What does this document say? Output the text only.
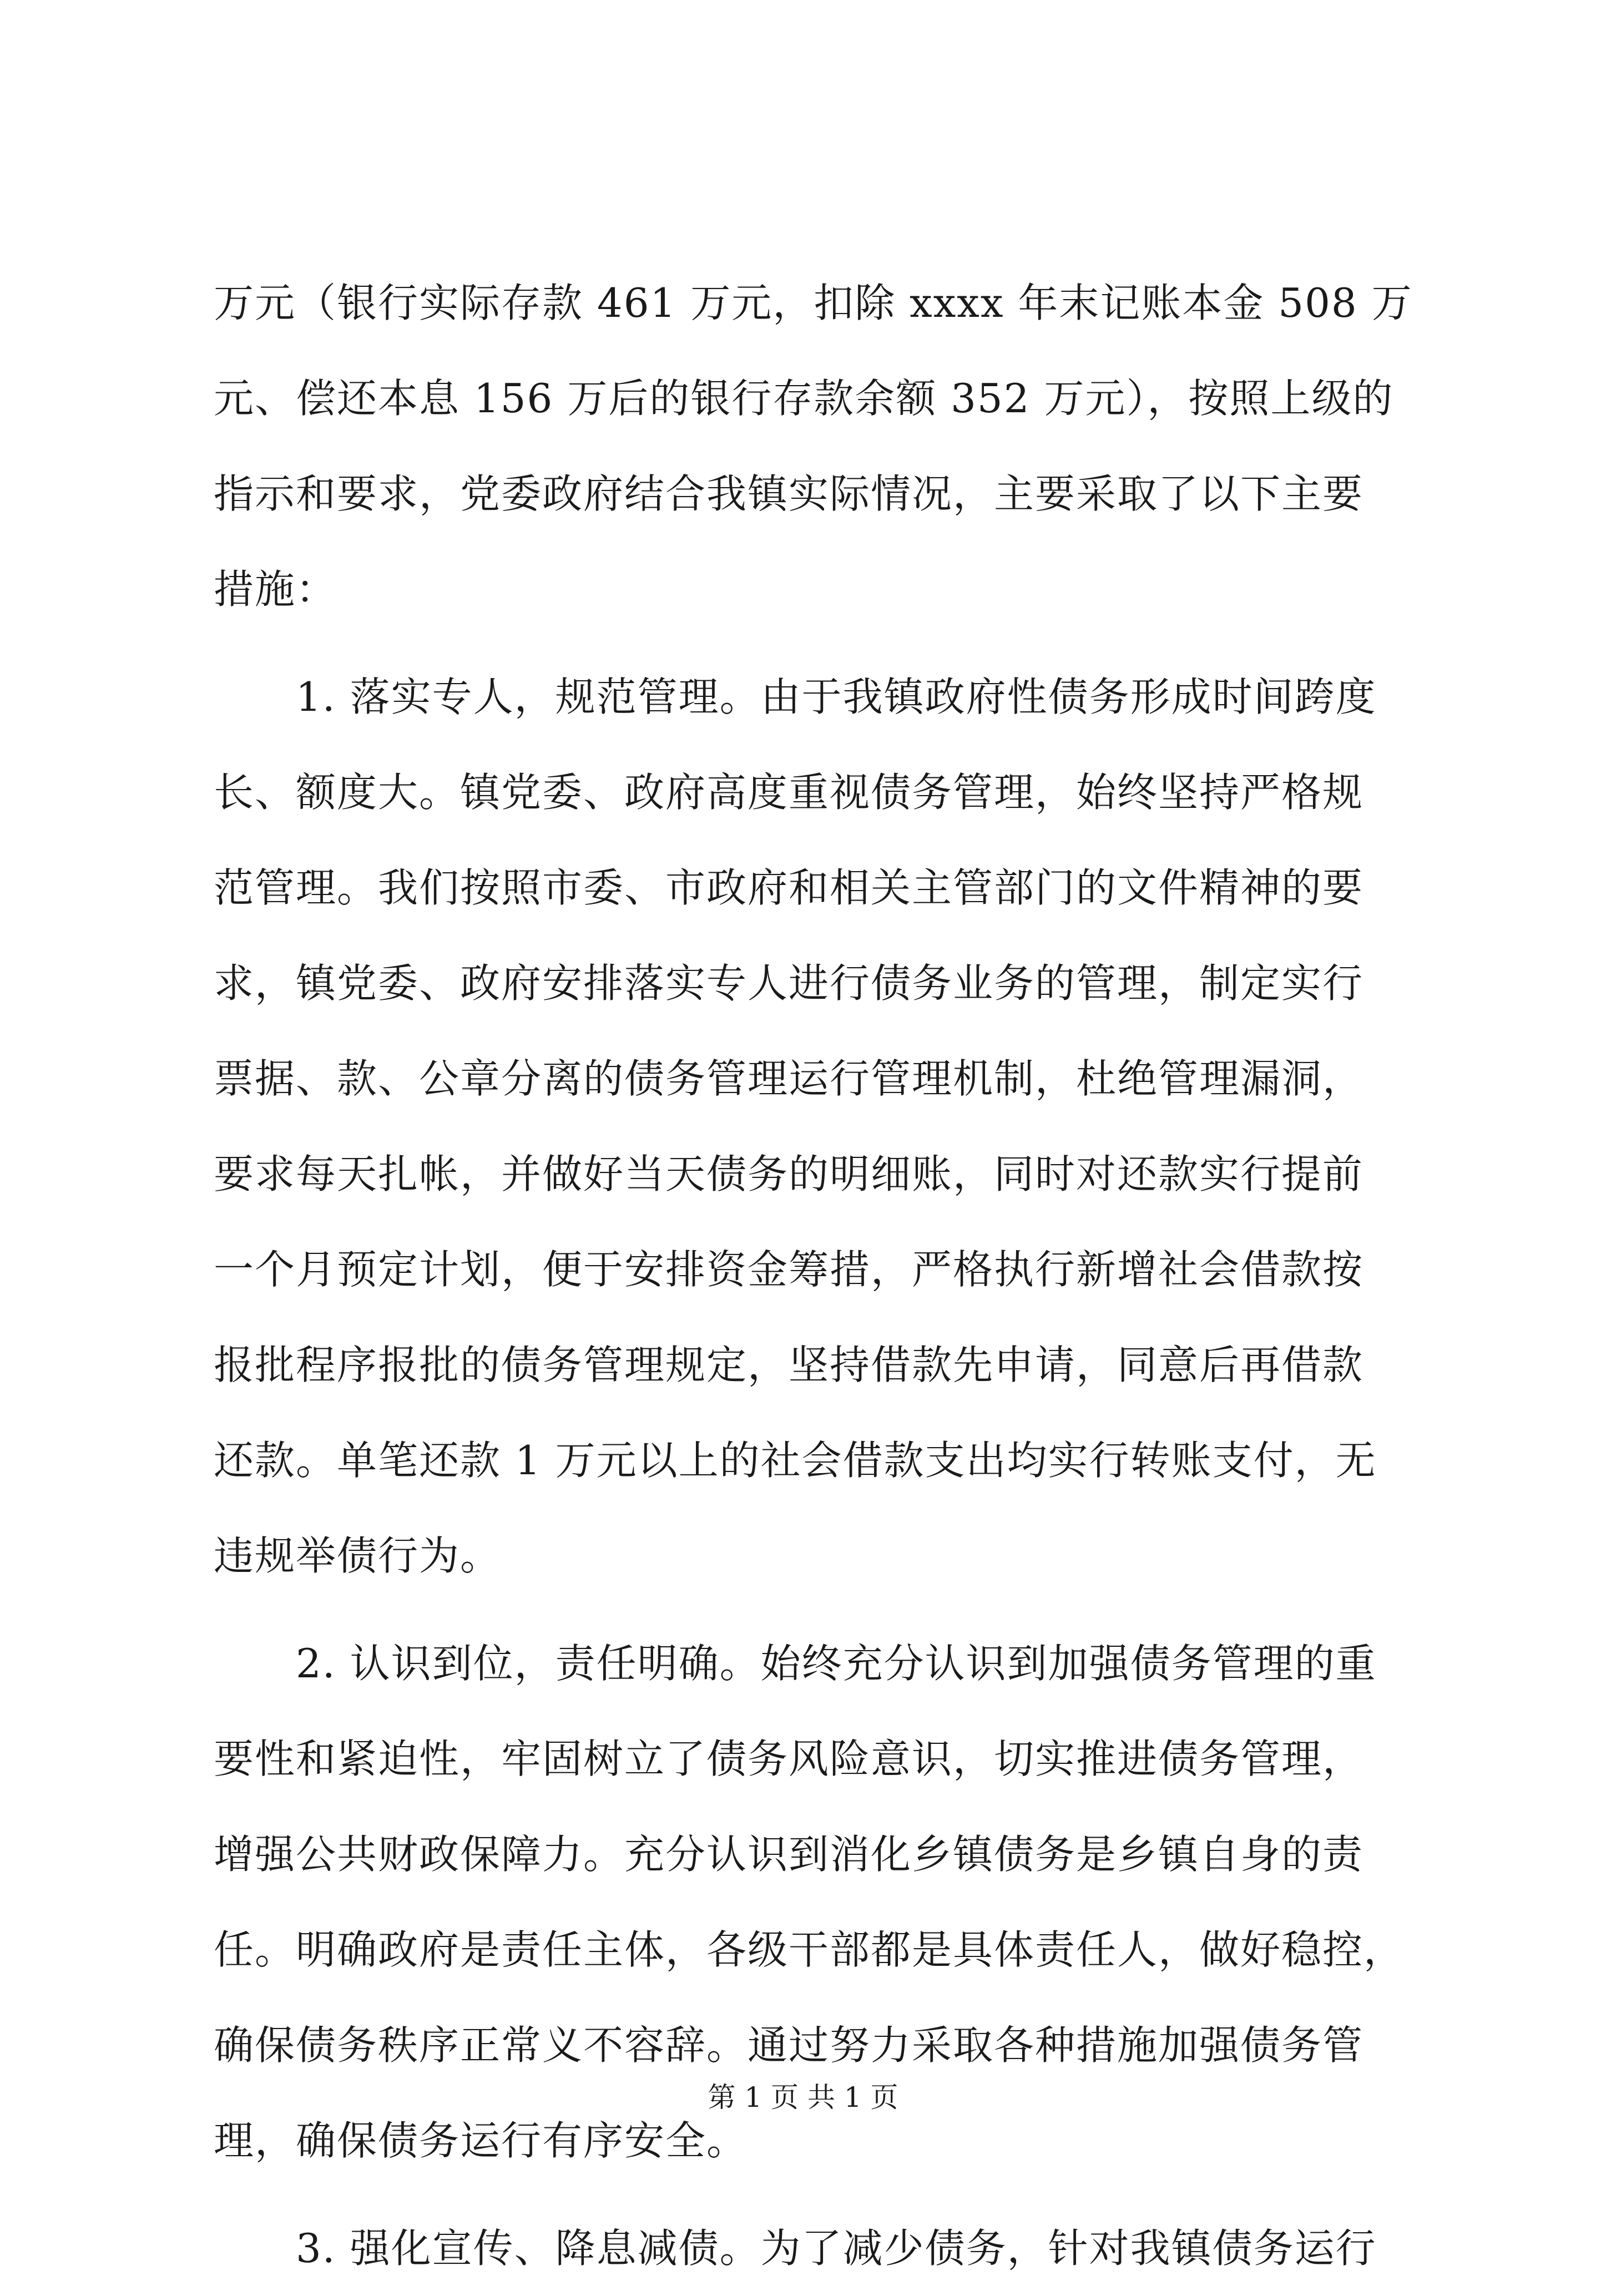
万元（银行实际存款 461 万元，扣除 xxxx 年末记账本金 508 万
元、偿还本息 156 万后的银行存款余额 352 万元），按照上级的
指示和要求，党委政府结合我镇实际情况，主要采取了以下主要
措施：
　　1. 落实专人，规范管理。由于我镇政府性债务形成时间跨度
长、额度大。镇党委、政府高度重视债务管理，始终坚持严格规
范管理。我们按照市委、市政府和相关主管部门的文件精神的要
求，镇党委、政府安排落实专人进行债务业务的管理，制定实行
票据、款、公章分离的债务管理运行管理机制，杜绝管理漏洞，
要求每天扎帐，并做好当天债务的明细账，同时对还款实行提前
一个月预定计划，便于安排资金筹措，严格执行新增社会借款按
报批程序报批的债务管理规定，坚持借款先申请，同意后再借款
还款。单笔还款 1 万元以上的社会借款支出均实行转账支付，无
违规举债行为。
　　2. 认识到位，责任明确。始终充分认识到加强债务管理的重
要性和紧迫性，牢固树立了债务风险意识，切实推进债务管理，
增强公共财政保障力。充分认识到消化乡镇债务是乡镇自身的责
任。明确政府是责任主体，各级干部都是具体责任人，做好稳控，
确保债务秩序正常义不容辞。通过努力采取各种措施加强债务管
理，确保债务运行有序安全。
　　3. 强化宣传、降息减债。为了减少债务，针对我镇债务运行
第 1 页 共 1 页
